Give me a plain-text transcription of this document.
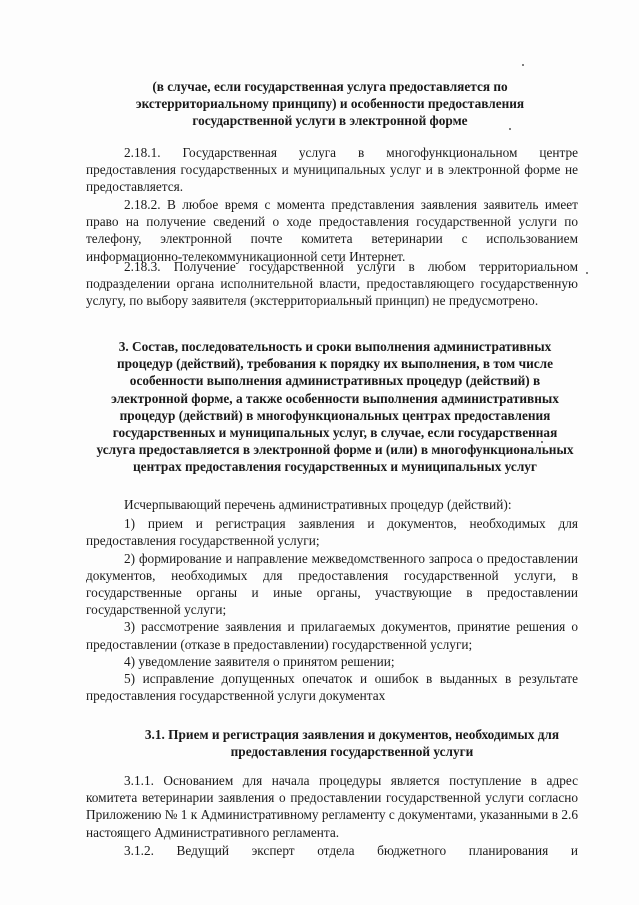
(в случае, если государственная услуга предоставляется по экстерриториальному принципу) и особенности предоставления государственной услуги в электронной форме

2.18.1. Государственная услуга в многофункциональном центре предоставления государственных и муниципальных услуг и в электронной форме не предоставляется.

2.18.2. В любое время с момента представления заявления заявитель имеет право на получение сведений о ходе предоставления государственной услуги по телефону, электронной почте комитета ветеринарии с использованием информационно-телекоммуникационной сети Интернет.

2.18.3. Получение государственной услуги в любом территориальном подразделении органа исполнительной власти, предоставляющего государственную услугу, по выбору заявителя (экстерриториальный принцип) не предусмотрено.

3. Состав, последовательность и сроки выполнения административных процедур (действий), требования к порядку их выполнения, в том числе особенности выполнения административных процедур (действий) в электронной форме, а также особенности выполнения административных процедур (действий) в многофункциональных центрах предоставления государственных и муниципальных услуг, в случае, если государственная услуга предоставляется в электронной форме и (или) в многофункциональных центрах предоставления государственных и муниципальных услуг

Исчерпывающий перечень административных процедур (действий):

1) прием и регистрация заявления и документов, необходимых для предоставления государственной услуги;

2) формирование и направление межведомственного запроса о предоставлении документов, необходимых для предоставления государственной услуги, в государственные органы и иные органы, участвующие в предоставлении государственной услуги;

3) рассмотрение заявления и прилагаемых документов, принятие решения о предоставлении (отказе в предоставлении) государственной услуги;

4) уведомление заявителя о принятом решении;

5) исправление допущенных опечаток и ошибок в выданных в результате предоставления государственной услуги документах

3.1. Прием и регистрация заявления и документов, необходимых для предоставления государственной услуги

3.1.1. Основанием для начала процедуры является поступление в адрес комитета ветеринарии заявления о предоставлении государственной услуги согласно Приложению № 1 к Административному регламенту с документами, указанными в 2.6 настоящего Административного регламента.

3.1.2. Ведущий эксперт отдела бюджетного планирования и
